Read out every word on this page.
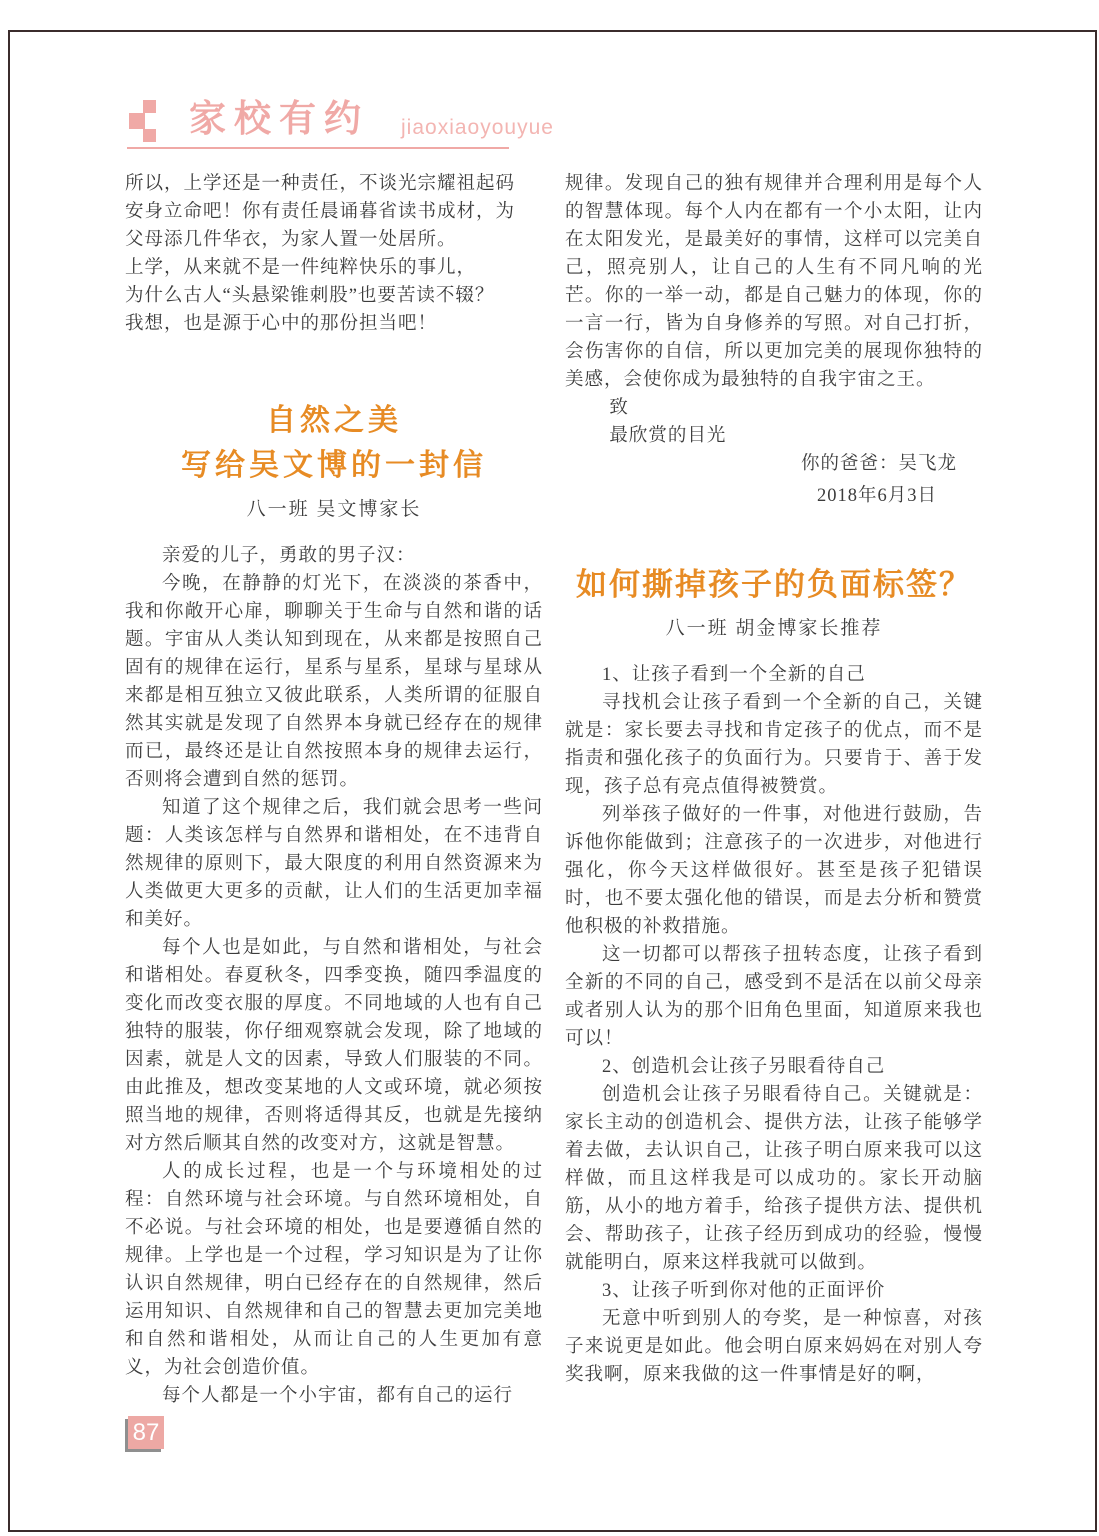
家校有约 jiaoxiaoyouyue
所以，上学还是一种责任，不谈光宗耀祖起码
安身立命吧！你有责任晨诵暮省读书成材，为
父母添几件华衣，为家人置一处居所。
上学，从来就不是一件纯粹快乐的事儿，
为什么古人“头悬梁锥刺股”也要苦读不辍？
我想，也是源于心中的那份担当吧！
自然之美
写给吴文博的一封信
八一班 吴文博家长

亲爱的儿子，勇敢的男子汉：

今晚，在静静的灯光下，在淡淡的茶香中，我和你敞开心扉，聊聊关于生命与自然和谐的话题。宇宙从人类认知到现在，从来都是按照自己固有的规律在运行，星系与星系，星球与星球从来都是相互独立又彼此联系，人类所谓的征服自然其实就是发现了自然界本身就已经存在的规律而已，最终还是让自然按照本身的规律去运行，否则将会遭到自然的惩罚。

知道了这个规律之后，我们就会思考一些问题：人类该怎样与自然界和谐相处，在不违背自然规律的原则下，最大限度的利用自然资源来为人类做更大更多的贡献，让人们的生活更加幸福和美好。

每个人也是如此，与自然和谐相处，与社会和谐相处。春夏秋冬，四季变换，随四季温度的变化而改变衣服的厚度。不同地域的人也有自己独特的服装，你仔细观察就会发现，除了地域的因素，就是人文的因素，导致人们服装的不同。由此推及，想改变某地的人文或环境，就必须按照当地的规律，否则将适得其反，也就是先接纳对方然后顺其自然的改变对方，这就是智慧。

人的成长过程，也是一个与环境相处的过程：自然环境与社会环境。与自然环境相处，自不必说。与社会环境的相处，也是要遵循自然的规律。上学也是一个过程，学习知识是为了让你认识自然规律，明白已经存在的自然规律，然后运用知识、自然规律和自己的智慧去更加完美地和自然和谐相处，从而让自己的人生更加有意义，为社会创造价值。

每个人都是一个小宇宙，都有自己的运行

规律。发现自己的独有规律并合理利用是每个人的智慧体现。每个人内在都有一个小太阳，让内在太阳发光，是最美好的事情，这样可以完美自己，照亮别人，让自己的人生有不同凡响的光芒。你的一举一动，都是自己魅力的体现，你的一言一行，皆为自身修养的写照。对自己打折，会伤害你的自信，所以更加完美的展现你独特的美感，会使你成为最独特的自我宇宙之王。

致
最欣赏的目光
你的爸爸：吴飞龙
2018年6月3日
如何撕掉孩子的负面标签？
八一班 胡金博家长推荐

1、让孩子看到一个全新的自己

寻找机会让孩子看到一个全新的自己，关键就是：家长要去寻找和肯定孩子的优点，而不是指责和强化孩子的负面行为。只要肯于、善于发现，孩子总有亮点值得被赞赏。

列举孩子做好的一件事，对他进行鼓励，告诉他你能做到；注意孩子的一次进步，对他进行强化，你今天这样做很好。甚至是孩子犯错误时，也不要太强化他的错误，而是去分析和赞赏他积极的补救措施。

这一切都可以帮孩子扭转态度，让孩子看到全新的不同的自己，感受到不是活在以前父母亲或者别人认为的那个旧角色里面，知道原来我也可以！

2、创造机会让孩子另眼看待自己

创造机会让孩子另眼看待自己。关键就是：家长主动的创造机会、提供方法，让孩子能够学着去做，去认识自己，让孩子明白原来我可以这样做，而且这样我是可以成功的。家长开动脑筋，从小的地方着手，给孩子提供方法、提供机会、帮助孩子，让孩子经历到成功的经验，慢慢就能明白，原来这样我就可以做到。

3、让孩子听到你对他的正面评价

无意中听到别人的夸奖，是一种惊喜，对孩子来说更是如此。他会明白原来妈妈在对别人夸奖我啊，原来我做的这一件事情是好的啊，

87
